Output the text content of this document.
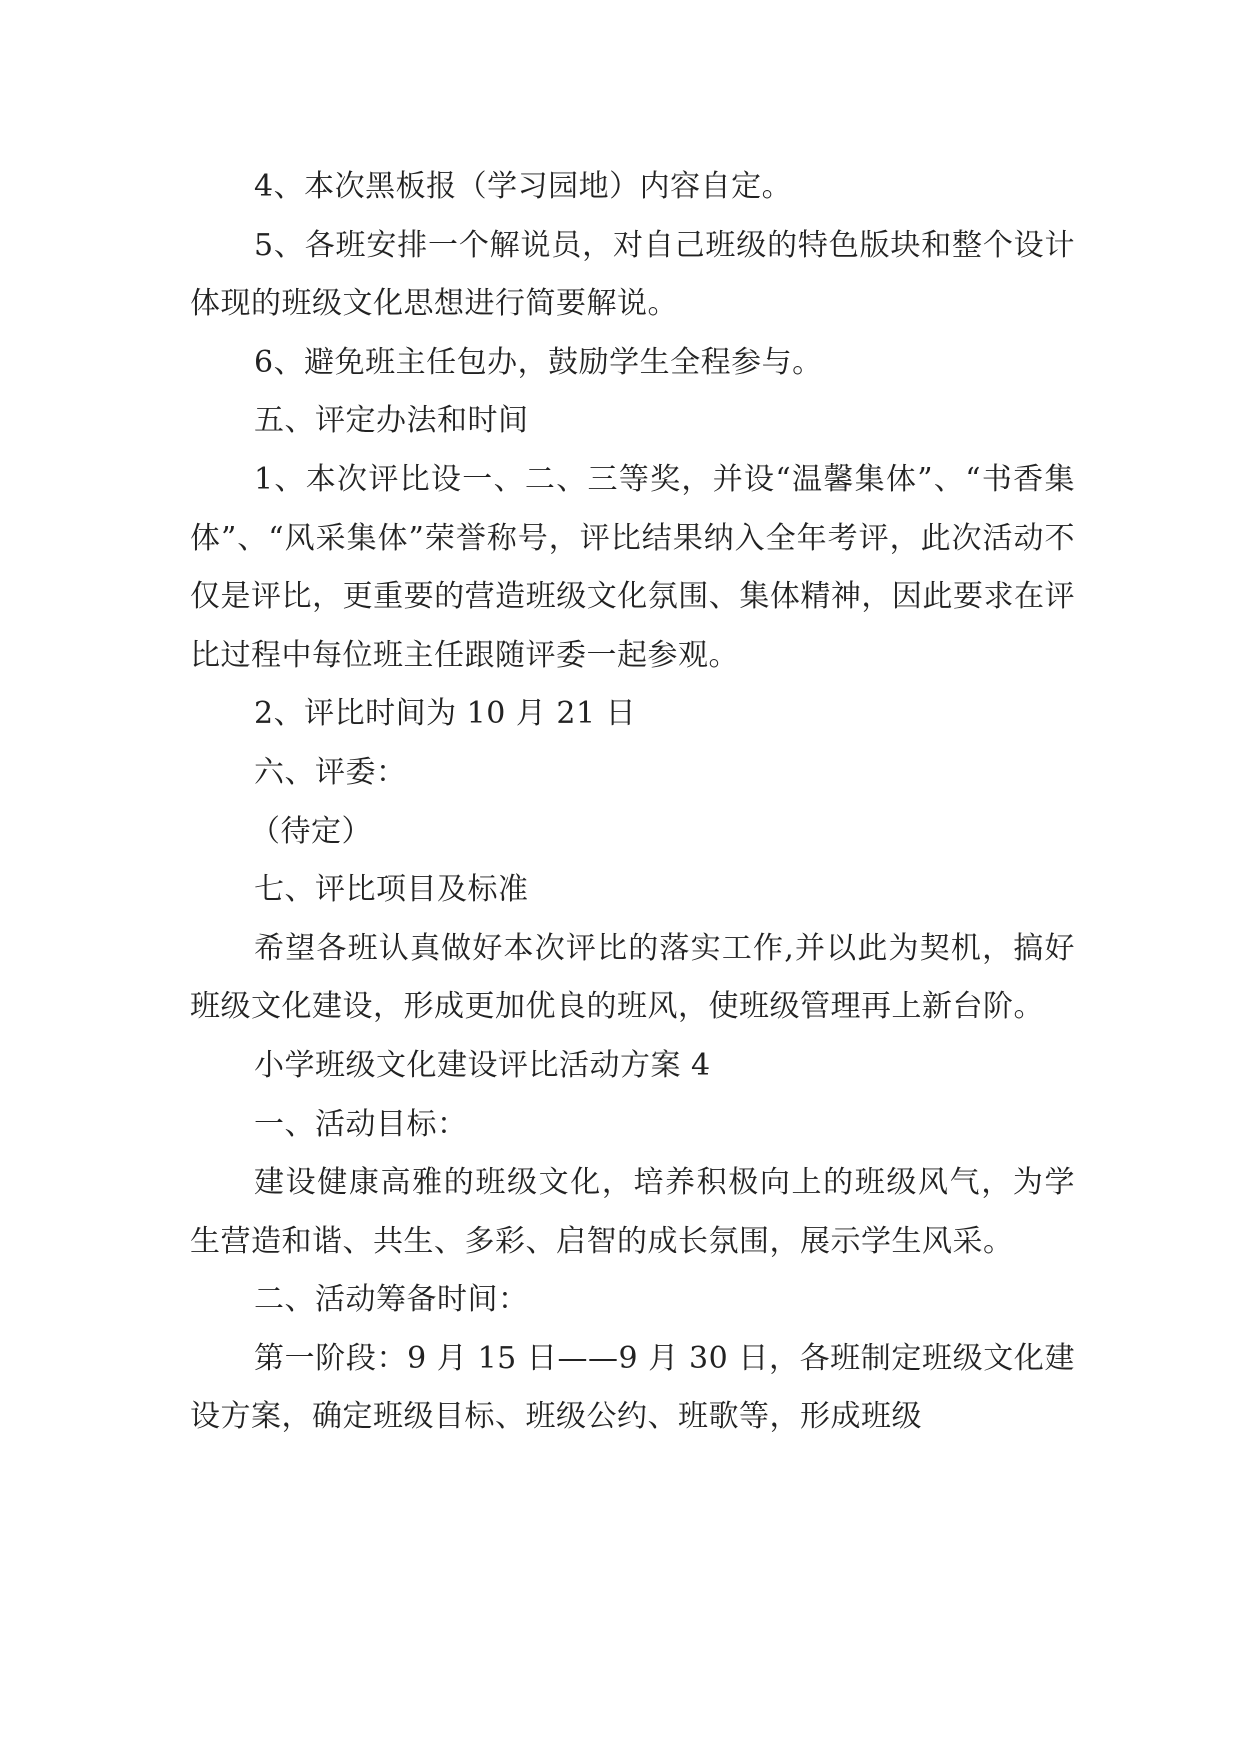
4、本次黑板报（学习园地）内容自定。

5、各班安排一个解说员，对自己班级的特色版块和整个设计体现的班级文化思想进行简要解说。

6、避免班主任包办，鼓励学生全程参与。

五、评定办法和时间

1、本次评比设一、二、三等奖，并设“温馨集体”、“书香集体”、“风采集体”荣誉称号，评比结果纳入全年考评，此次活动不仅是评比，更重要的营造班级文化氛围、集体精神，因此要求在评比过程中每位班主任跟随评委一起参观。

2、评比时间为 10 月 21 日

六、评委：

（待定）

七、评比项目及标准

希望各班认真做好本次评比的落实工作,并以此为契机，搞好班级文化建设，形成更加优良的班风，使班级管理再上新台阶。

小学班级文化建设评比活动方案 4

一、活动目标：

建设健康高雅的班级文化，培养积极向上的班级风气，为学生营造和谐、共生、多彩、启智的成长氛围，展示学生风采。

二、活动筹备时间：

第一阶段：9 月 15 日——9 月 30 日，各班制定班级文化建设方案，确定班级目标、班级公约、班歌等，形成班级
